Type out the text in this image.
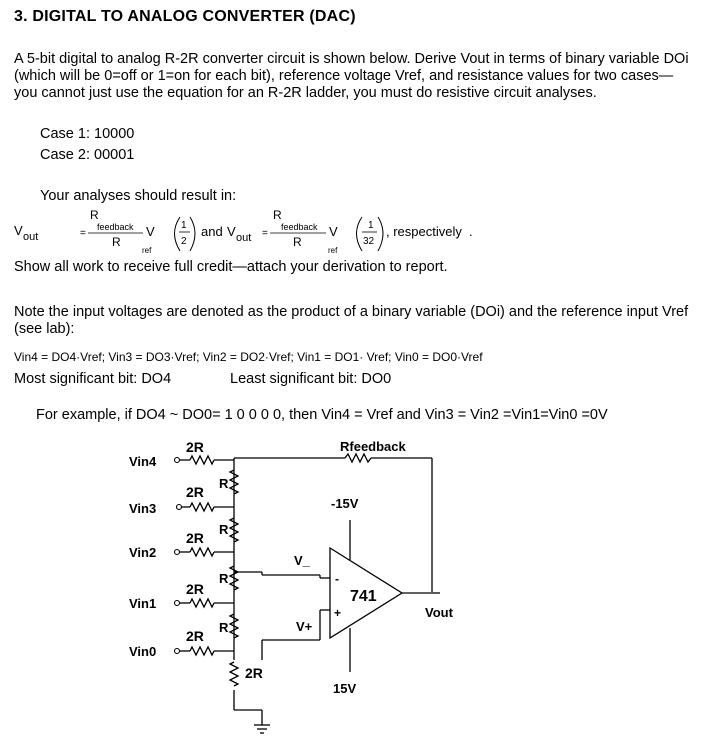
3. DIGITAL TO ANALOG CONVERTER (DAC)
A 5-bit digital to analog R-2R converter circuit is shown below. Derive Vout in terms of binary variable DOi (which will be 0=off or 1=on for each bit), reference voltage Vref, and resistance values for two cases—you cannot just use the equation for an R-2R ladder, you must do resistive circuit analyses.
Case 1: 10000
Case 2: 00001
Your analyses should result in:
V out	=
R
feedback
R
V
ref
1
2
and V out =
R
feedback
R
V
ref
1
32
, respectively .
Show all work to receive full credit—attach your derivation to report.
Note the input voltages are denoted as the product of a binary variable (DOi) and the reference input Vref (see lab):
Vin4 = DO4·Vref; Vin3 = DO3·Vref; Vin2 = DO2·Vref; Vin1 = DO1· Vref; Vin0 = DO0·Vref
Most significant bit: DO4	Least significant bit: DO0
For example, if DO4 ~ DO0= 1 0 0 0 0, then Vin4 = Vref and Vin3 = Vin2 =Vin1=Vin0 =0V
Vin4
Vin3
Vin2
Vin1
Vin0
2R
2R
2R
2R
2R
R
R
R
R
2R
Rfeedback
-15V
15V
741
V_
V+
-
+	Vout
